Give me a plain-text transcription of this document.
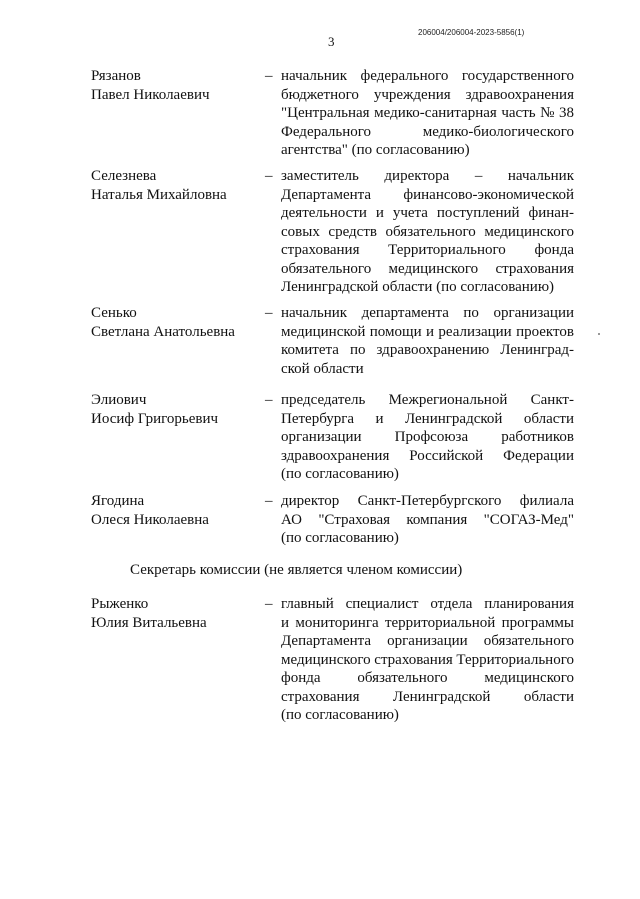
206004/206004-2023-5856(1)
3
Рязанов
Павел Николаевич
– начальник федерального государственного
бюджетного учреждения здравоохранения
"Центральная медико-санитарная часть № 38
Федерального	медико-биологического
агентства" (по согласованию)
Селезнева
Наталья Михайловна
– заместитель директора – начальник
Департамента финансово-экономической
деятельности и учета поступлений финан-
совых средств обязательного медицинского
страхования Территориального фонда
обязательного медицинского страхования
Ленинградской области (по согласованию)
Сенько
Светлана Анатольевна
– начальник департамента по организации
медицинской помощи и реализации проектов
комитета по здравоохранению Ленинград-
ской области
Элиович
Иосиф Григорьевич
– председатель Межрегиональной Санкт-
Петербурга и Ленинградской области
организации Профсоюза работников
здравоохранения Российской Федерации
(по согласованию)
Ягодина
Олеся Николаевна
– директор Санкт-Петербургского филиала
АО "Страховая компания "СОГАЗ-Мед"
(по согласованию)
Секретарь комиссии (не является членом комиссии)
Рыженко
Юлия Витальевна
– главный специалист отдела планирования
и мониторинга территориальной программы
Департамента организации обязательного
медицинского страхования Территориального
фонда обязательного медицинского
страхования Ленинградской области
(по согласованию)
